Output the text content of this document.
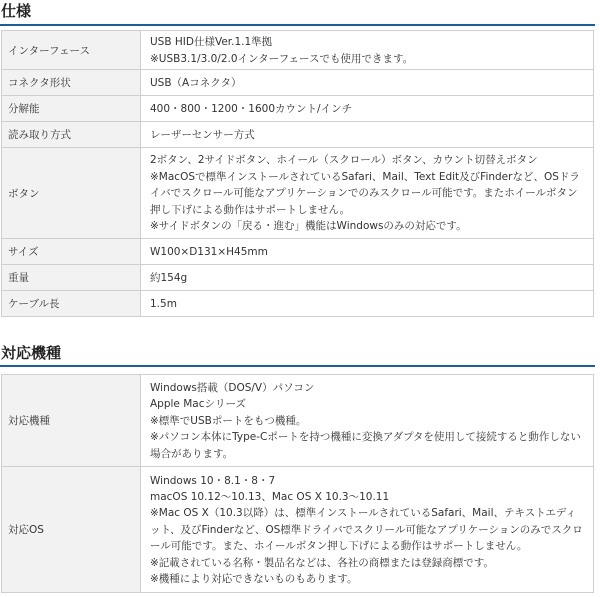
仕様
インターフェース	USB HID仕様Ver.1.1準拠
※USB3.1/3.0/2.0インターフェースでも使用できます。

コネクタ形状	USB（Aコネクタ）

分解能	400・800・1200・1600カウント/インチ

読み取り方式	レーザーセンサー方式

ボタン	2ボタン、2サイドボタン、ホイール（スクロール）ボタン、カウント切替えボタン
※MacOSで標準インストールされているSafari、Mail、Text Edit及びFinderなど、OSドライバでスクロール可能なアプリケーションでのみスクロール可能です。またホイールボタン押し下げによる動作はサポートしません。
※サイドボタンの「戻る・進む」機能はWindowsのみの対応です。

サイズ	W100×D131×H45mm

重量	約154g

ケーブル長	1.5m
対応機種
対応機種	Windows搭載（DOS/V）パソコン
Apple Macシリーズ
※標準でUSBポートをもつ機種。
※パソコン本体にType-Cポートを持つ機種に変換アダプタを使用して接続すると動作しない場合があります。

対応OS	Windows 10・8.1・8・7
macOS 10.12〜10.13、Mac OS X 10.3〜10.11
※Mac OS X（10.3以降）は、標準インストールされているSafari、Mail、テキストエディット、及びFinderなど、OS標準ドライバでスクリール可能なアプリケーションのみでスクロール可能です。また、ホイールボタン押し下げによる動作はサポートしません。
※記載されている名称・製品名などは、各社の商標または登録商標です。
※機種により対応できないものもあります。
